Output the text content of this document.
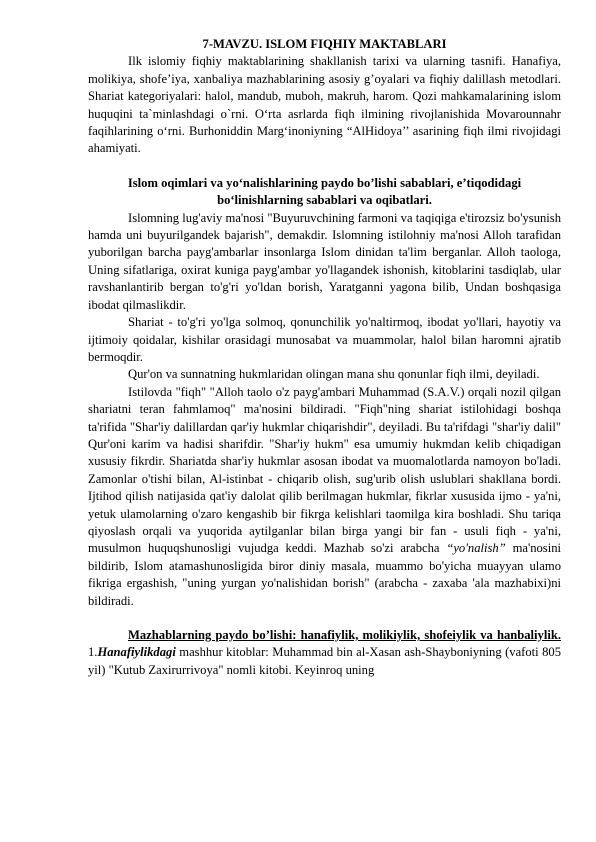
7-MAVZU. ISLOM FIQHIY MAKTABLARI

Ilk islomiy fiqhiy maktablarining shakllanish tarixi va ularning tasnifi. Hanafiya, molikiya, shofe’iya, xanbaliya mazhablarining asosiy g’oyalari va fiqhiy dalillash metodlari. Shariat kategoriyalari: halol, mandub, muboh, makruh, harom. Qozi mahkamalarining islom huquqini ta`minlashdagi o`rni. O‘rta asrlarda fiqh ilmining rivojlanishida Movarounnahr faqihlarining o‘rni. Burhoniddin Marg‘inoniyning “AlHidoya’’ asarining fiqh ilmi rivojidagi ahamiyati.

Islom oqimlari va yo‘nalishlarining paydo bo’lishi sabablari, e’tiqodidagi bo‘linishlarning sabablari va oqibatlari.

Islomning lug'aviy ma'nosi "Buyuruvchining farmoni va taqiqiga e'tirozsiz bo'ysunish hamda uni buyurilgandek bajarish", demakdir. Islomning istilohniy ma'nosi Alloh tarafidan yuborilgan barcha payg'ambarlar insonlarga Islom dinidan ta'lim berganlar. Alloh taologa, Uning sifatlariga, oxirat kuniga payg'ambar yo'llagandek ishonish, kitoblarini tasdiqlab, ular ravshanlantirib bergan to'g'ri yo'ldan borish, Yaratganni yagona bilib, Undan boshqasiga ibodat qilmaslikdir.

Shariat - to'g'ri yo'lga solmoq, qonunchilik yo'naltirmoq, ibodat yo'llari, hayotiy va ijtimoiy qoidalar, kishilar orasidagi munosabat va muammolar, halol bilan haromni ajratib bermoqdir.

Qur'on va sunnatning hukmlaridan olingan mana shu qonunlar fiqh ilmi, deyiladi.

Istilovda "fiqh" "Alloh taolo o'z payg'ambari Muhammad (S.A.V.) orqali nozil qilgan shariatni teran fahmlamoq" ma'nosini bildiradi. "Fiqh"ning shariat istilohidagi boshqa ta'rifida "Shar'iy dalillardan qar'iy hukmlar chiqarishdir", deyiladi. Bu ta'rifdagi "shar'iy dalil" Qur'oni karim va hadisi sharifdir. "Shar'iy hukm" esa umumiy hukmdan kelib chiqadigan xususiy fikrdir. Shariatda shar'iy hukmlar asosan ibodat va muomalotlarda namoyon bo'ladi. Zamonlar o'tishi bilan, Al-istinbat - chiqarib olish, sug'urib olish uslublari shakllana bordi. Ijtihod qilish natijasida qat'iy dalolat qilib berilmagan hukmlar, fikrlar xususida ijmo - ya'ni, yetuk ulamolarning o'zaro kengashib bir fikrga kelishlari taomilga kira boshladi. Shu tariqa qiyoslash orqali va yuqorida aytilganlar bilan birga yangi bir fan - usuli fiqh - ya'ni, musulmon huquqshunosligi vujudga keddi. Mazhab so'zi arabcha “yo'nalish” ma'nosini bildirib, Islom atamashunosligida biror diniy masala, muammo bo'yicha muayyan ulamo fikriga ergashish, "uning yurgan yo'nalishidan borish" (arabcha - zaxaba 'ala mazhabixi)ni bildiradi.

Mazhablarning paydo bo’lishi: hanafiylik, molikiylik, shofeiylik va hanbaliylik. 1.Hanafiylikdagi mashhur kitoblar: Muhammad bin al-Xasan ash-Shayboniyning (vafoti 805 yil) "Kutub Zaxirurrivoya" nomli kitobi. Keyinroq uning
